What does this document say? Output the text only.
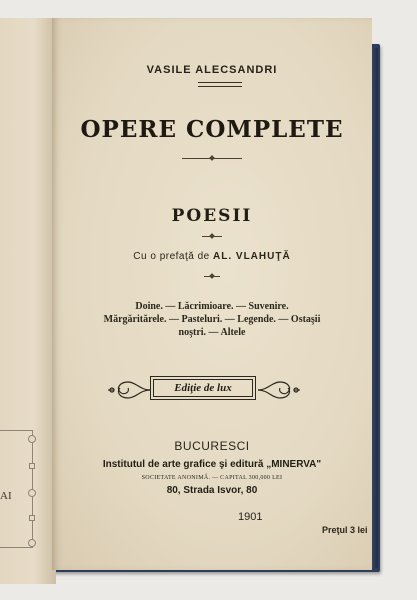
AI

VASILE ALECSANDRI

OPERE COMPLETE

POESII

Cu o prefaţă de AL. VLAHUŢĂ

Doine. — Lăcrimioare. — Suvenire.
Mărgăritărele. — Pasteluri. — Legende. — Ostaşii
noştri. — Altele

Ediţie de lux

BUCURESCI

Institutul de arte grafice şi editură „MINERVA"

SOCIETATE ANONIMĂ. — CAPITAL 300,000 LEI

80, Strada Isvor, 80

1901
Preţul 3 lei
